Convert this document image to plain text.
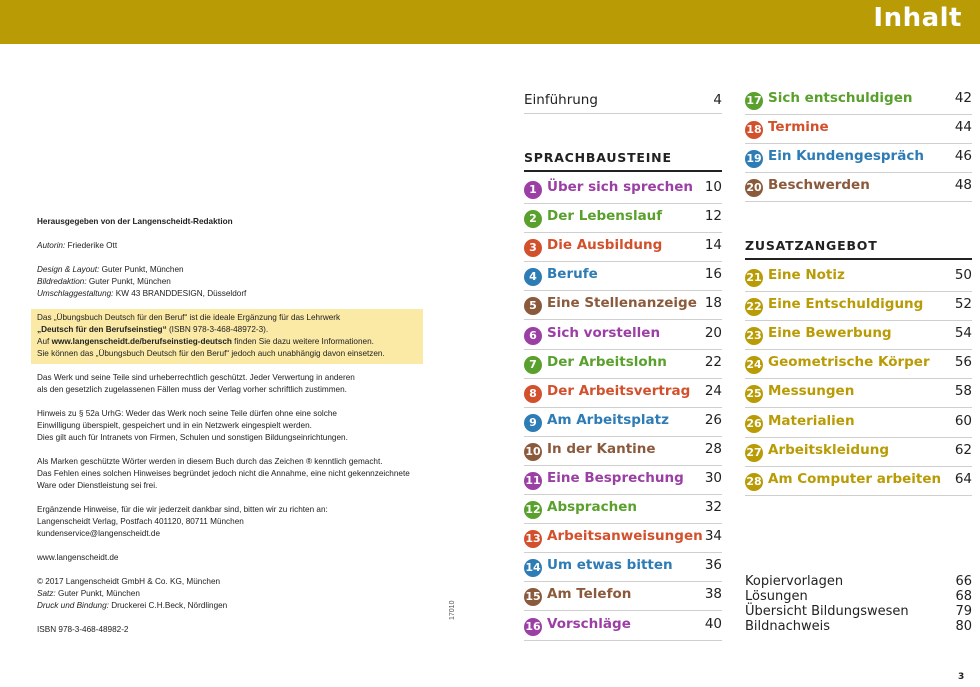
Inhalt
Herausgegeben von der Langenscheidt-Redaktion
Autorin: Friederike Ott
Design & Layout: Guter Punkt, München
Bildredaktion: Guter Punkt, München
Umschlaggestaltung: KW 43 BRANDDESIGN, Düsseldorf
Das „Übungsbuch Deutsch für den Beruf“ ist die ideale Ergänzung für das Lehrwerk
„Deutsch für den Berufseinstieg“ (ISBN 978-3-468-48972-3).
Auf www.langenscheidt.de/berufseinstieg-deutsch finden Sie dazu weitere Informationen.
Sie können das „Übungsbuch Deutsch für den Beruf“ jedoch auch unabhängig davon einsetzen.
Das Werk und seine Teile sind urheberrechtlich geschützt. Jeder Verwertung in anderen
als den gesetzlich zugelassenen Fällen muss der Verlag vorher schriftlich zustimmen.
Hinweis zu § 52a UrhG: Weder das Werk noch seine Teile dürfen ohne eine solche
Einwilligung überspielt, gespeichert und in ein Netzwerk eingespielt werden.
Dies gilt auch für Intranets von Firmen, Schulen und sonstigen Bildungseinrichtungen.
Als Marken geschützte Wörter werden in diesem Buch durch das Zeichen ® kenntlich gemacht.
Das Fehlen eines solchen Hinweises begründet jedoch nicht die Annahme, eine nicht gekennzeichnete
Ware oder Dienstleistung sei frei.
Ergänzende Hinweise, für die wir jederzeit dankbar sind, bitten wir zu richten an:
Langenscheidt Verlag, Postfach 401120, 80711 München
kundenservice@langenscheidt.de
www.langenscheidt.de
© 2017 Langenscheidt GmbH & Co. KG, München
Satz: Guter Punkt, München
Druck und Bindung: Druckerei C.H.Beck, Nördlingen
ISBN 978-3-468-48982-2
17010
Einführung	4
SPRACHBAUSTEINE
ZUSATZANGEBOT
1 Über sich sprechen 10
2 Der Lebenslauf	12
3 Die Ausbildung	14
4 Berufe	16
5 Eine Stellenanzeige 18
6 Sich vorstellen	20
7 Der Arbeitslohn	22
8 Der Arbeitsvertrag 24
9 Am Arbeitsplatz	26
10 In der Kantine	28
11 Eine Besprechung 30
12 Absprachen	32
13 Arbeitsanweisungen 34
14 Um etwas bitten 36
15 Am Telefon	38
16 Vorschläge	40
17 Sich entschuldigen	42
18 Termine	44
19 Ein Kundengespräch 46
20 Beschwerden	48
21 Eine Notiz	50
22 Eine Entschuldigung 52
23 Eine Bewerbung	54
24 Geometrische Körper 56
25 Messungen	58
26 Materialien	60
27 Arbeitskleidung	62
28 Am Computer arbeiten 64
Kopiervorlagen	66
Lösungen	68
Übersicht Bildungswesen	79
Bildnachweis	80
3
